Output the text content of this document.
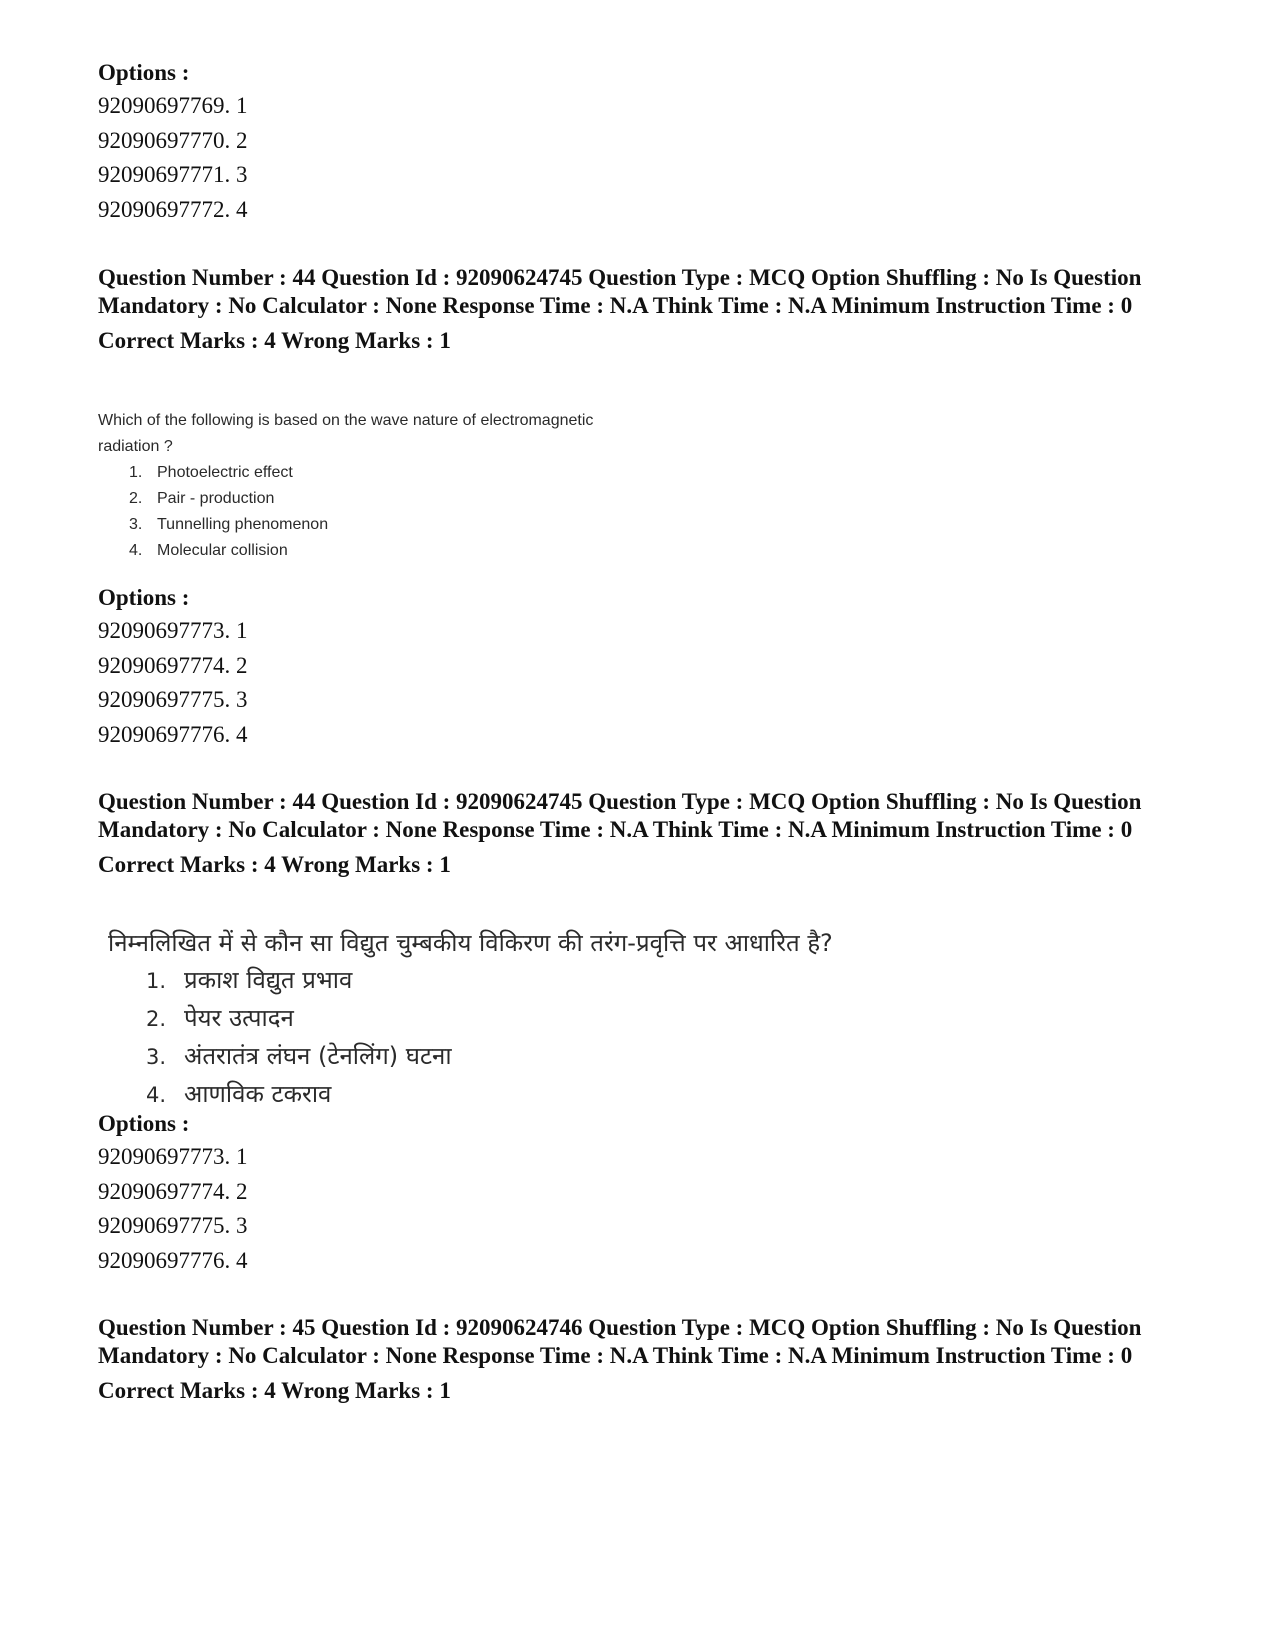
Options :

92090697769. 1
92090697770. 2
92090697771. 3
92090697772. 4

Question Number : 44 Question Id : 92090624745 Question Type : MCQ Option Shuffling : No Is Question Mandatory : No Calculator : None Response Time : N.A Think Time : N.A Minimum Instruction Time : 0

Correct Marks : 4 Wrong Marks : 1

Which of the following is based on the wave nature of electromagnetic radiation ?
1. Photoelectric effect
2. Pair - production
3. Tunnelling phenomenon
4. Molecular collision

Options :

92090697773. 1
92090697774. 2
92090697775. 3
92090697776. 4

Question Number : 44 Question Id : 92090624745 Question Type : MCQ Option Shuffling : No Is Question Mandatory : No Calculator : None Response Time : N.A Think Time : N.A Minimum Instruction Time : 0

Correct Marks : 4 Wrong Marks : 1

निम्नलिखित में से कौन सा विद्युत चुम्बकीय विकिरण की तरंग-प्रवृत्ति पर आधारित है?
1. प्रकाश विद्युत प्रभाव
2. पेयर उत्पादन
3. अंतरातंत्र लंघन (टेनलिंग) घटना
4. आणविक टकराव

Options :

92090697773. 1
92090697774. 2
92090697775. 3
92090697776. 4

Question Number : 45 Question Id : 92090624746 Question Type : MCQ Option Shuffling : No Is Question Mandatory : No Calculator : None Response Time : N.A Think Time : N.A Minimum Instruction Time : 0

Correct Marks : 4 Wrong Marks : 1
